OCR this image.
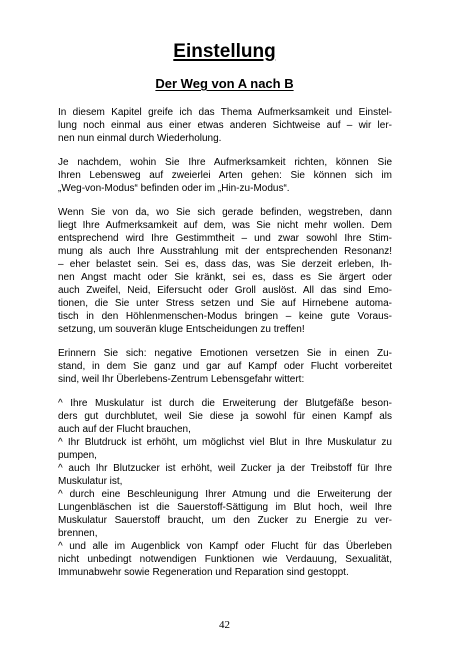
Einstellung
Der Weg von A nach B
In diesem Kapitel greife ich das Thema Aufmerksamkeit und Einstel-
lung noch einmal aus einer etwas anderen Sichtweise auf – wir ler-
nen nun einmal durch Wiederholung.
Je nachdem, wohin Sie Ihre Aufmerksamkeit richten, können Sie
Ihren Lebensweg auf zweierlei Arten gehen: Sie können sich im
„Weg-von-Modus“ befinden oder im „Hin-zu-Modus“.
Wenn Sie von da, wo Sie sich gerade befinden, wegstreben, dann
liegt Ihre Aufmerksamkeit auf dem, was Sie nicht mehr wollen. Dem
entsprechend wird Ihre Gestimmtheit – und zwar sowohl Ihre Stim-
mung als auch Ihre Ausstrahlung mit der entsprechenden Resonanz!
– eher belastet sein. Sei es, dass das, was Sie derzeit erleben, Ih-
nen Angst macht oder Sie kränkt, sei es, dass es Sie ärgert oder
auch Zweifel, Neid, Eifersucht oder Groll auslöst. All das sind Emo-
tionen, die Sie unter Stress setzen und Sie auf Hirnebene automa-
tisch in den Höhlenmenschen-Modus bringen – keine gute Voraus-
setzung, um souverän kluge Entscheidungen zu treffen!
Erinnern Sie sich: negative Emotionen versetzen Sie in einen Zu-
stand, in dem Sie ganz und gar auf Kampf oder Flucht vorbereitet
sind, weil Ihr Überlebens-Zentrum Lebensgefahr wittert:
^ Ihre Muskulatur ist durch die Erweiterung der Blutgefäße beson-
ders gut durchblutet, weil Sie diese ja sowohl für einen Kampf als
auch auf der Flucht brauchen,
^ Ihr Blutdruck ist erhöht, um möglichst viel Blut in Ihre Muskulatur zu
pumpen,
^ auch Ihr Blutzucker ist erhöht, weil Zucker ja der Treibstoff für Ihre
Muskulatur ist,
^ durch eine Beschleunigung Ihrer Atmung und die Erweiterung der
Lungenbläschen ist die Sauerstoff-Sättigung im Blut hoch, weil Ihre
Muskulatur Sauerstoff braucht, um den Zucker zu Energie zu ver-
brennen,
^ und alle im Augenblick von Kampf oder Flucht für das Überleben
nicht unbedingt notwendigen Funktionen wie Verdauung, Sexualität,
Immunabwehr sowie Regeneration und Reparation sind gestoppt.
42
